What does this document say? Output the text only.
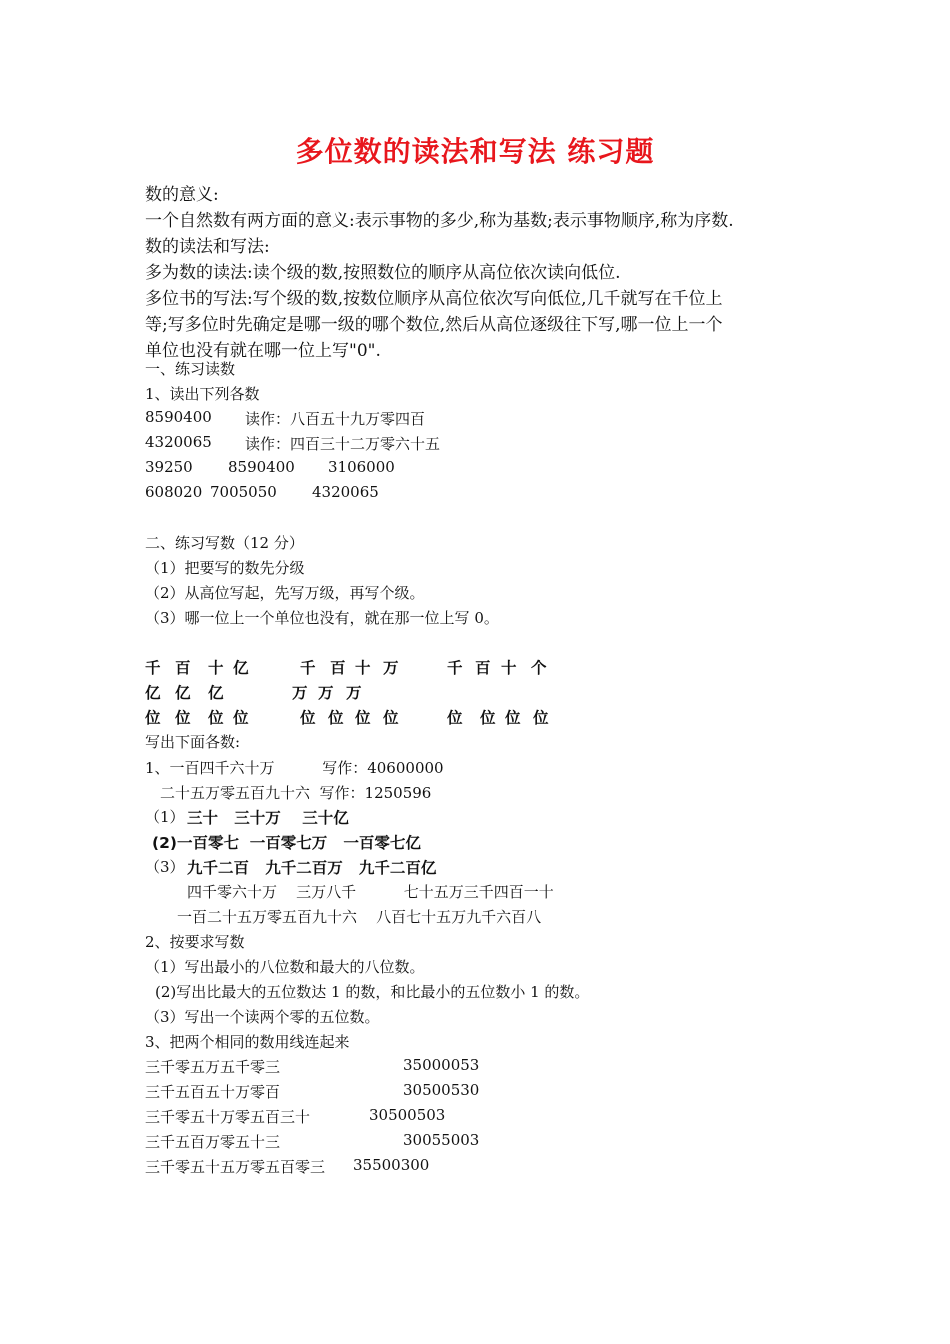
多位数的读法和写法 练习题
数的意义:
一个自然数有两方面的意义:表示事物的多少,称为基数;表示事物顺序,称为序数.
数的读法和写法:
多为数的读法:读个级的数,按照数位的顺序从高位依次读向低位.
多位书的写法:写个级的数,按数位顺序从高位依次写向低位,几千就写在千位上
等;写多位时先确定是哪一级的哪个数位,然后从高位逐级往下写,哪一位上一个
单位也没有就在哪一位上写"0".
一、练习读数
1、读出下列各数
8590400 读作：八百五十九万零四百
4320065 读作：四百三十二万零六十五
39250 8590400 3106000
608020 7005050 4320065
二、练习写数（12 分）
（1）把要写的数先分级
（2）从高位写起，先写万级，再写个级。
（3）哪一位上一个单位也没有，就在那一位上写 0。
千 百 十 亿	千 百 十 万	千 百 十 个
亿 亿 亿	万 万 万
位 位 位 位	位 位 位 位	位 位 位 位
写出下面各数:
1、一百四千六十万          写作：40600000
二十五万零五百九十六  写作：1250596
（1） 三十   三十万    三十亿
(2)一百零七  一百零七万   一百零七亿
（3） 九千二百   九千二百万   九千二百亿
四千零六十万    三万八千          七十五万三千四百一十
一百二十五万零五百九十六    八百七十五万九千六百八
2、按要求写数
（1）写出最小的八位数和最大的八位数。
(2)写出比最大的五位数达 1 的数，和比最小的五位数小 1 的数。
（3）写出一个读两个零的五位数。
3、把两个相同的数用线连起来
三千零五万五千零三	35000053
三千五百五十万零百	30500530
三千零五十万零五百三十	30500503
三千五百万零五十三	30055003
三千零五十五万零五百零三 35500300
